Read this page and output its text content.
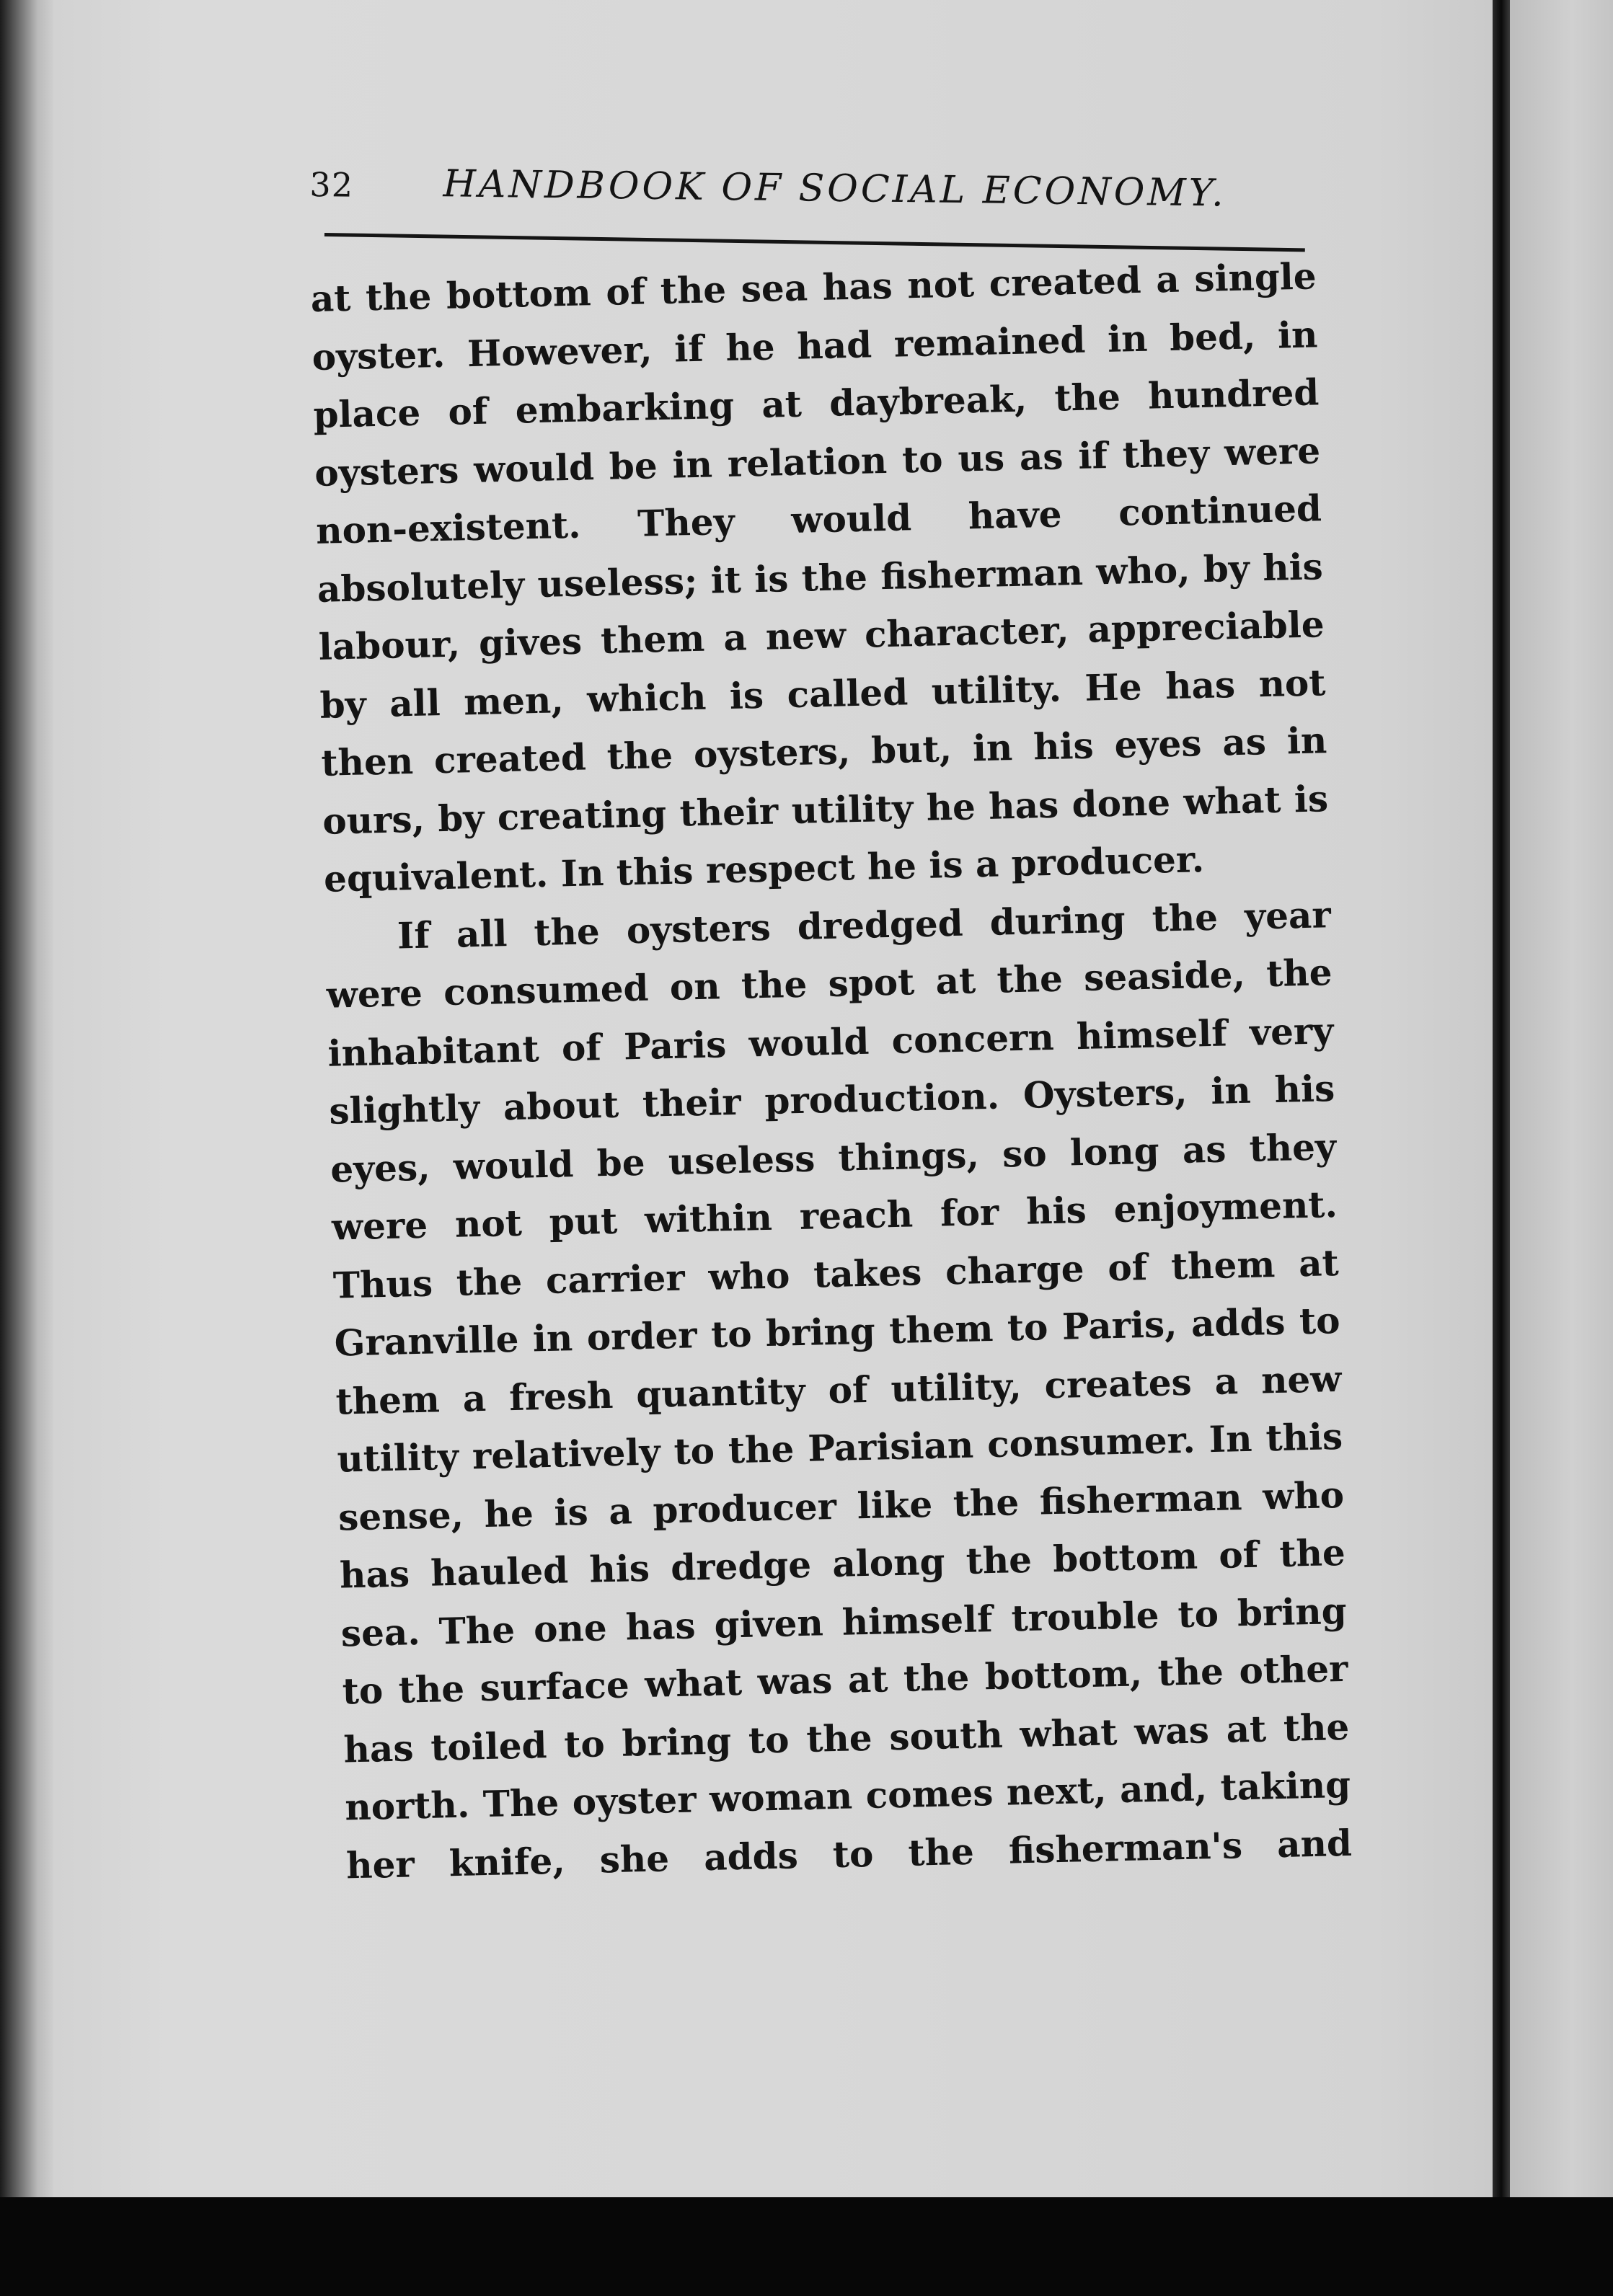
32 HANDBOOK OF SOCIAL ECONOMY.

at the bottom of the sea has not created a single oyster. However, if he had remained in bed, in place of embarking at daybreak, the hundred oysters would be in relation to us as if they were non-existent. They would have continued absolutely useless; it is the fisherman who, by his labour, gives them a new character, appreciable by all men, which is called utility. He has not then created the oysters, but, in his eyes as in ours, by creating their utility he has done what is equivalent. In this respect he is a producer.

If all the oysters dredged during the year were consumed on the spot at the seaside, the inhabitant of Paris would concern himself very slightly about their production. Oysters, in his eyes, would be useless things, so long as they were not put within reach for his enjoyment. Thus the carrier who takes charge of them at Granville in order to bring them to Paris, adds to them a fresh quantity of utility, creates a new utility relatively to the Parisian consumer. In this sense, he is a producer like the fisherman who has hauled his dredge along the bottom of the sea. The one has given himself trouble to bring to the surface what was at the bottom, the other has toiled to bring to the south what was at the north. The oyster woman comes next, and, taking her knife, she adds to the fisherman's and
